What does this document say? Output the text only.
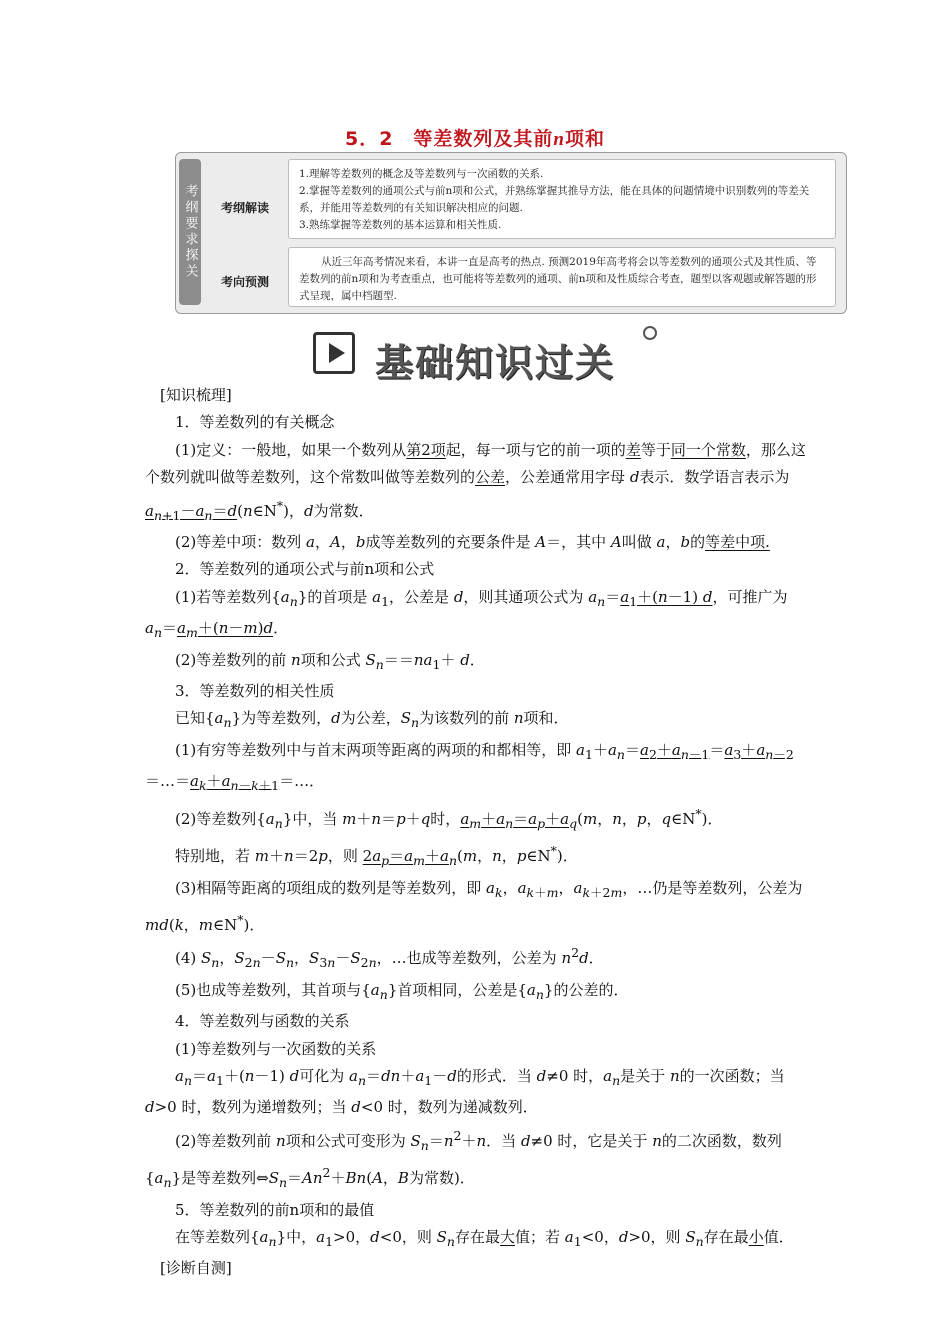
5．2　等差数列及其前n项和
考纲要求探关	考纲解读
1.理解等差数列的概念及等差数列与一次函数的关系.
2.掌握等差数列的通项公式与前n项和公式，并熟练掌握其推导方法，能在具体的问题情境中识别数列的等差关系，并能用等差数列的有关知识解决相应的问题.
3.熟练掌握等差数列的基本运算和相关性质.
考向预测
从近三年高考情况来看，本讲一直是高考的热点. 预测2019年高考将会以等差数列的通项公式及其性质、等差数列的前n项和为考查重点，也可能将等差数列的通项、前n项和及性质综合考查，题型以客观题或解答题的形式呈现，属中档题型.
基础知识过关

[知识梳理]

1．等差数列的有关概念

(1)定义：一般地，如果一个数列从第2项起，每一项与它的前一项的差等于同一个常数，那么这个数列就叫做等差数列，这个常数叫做等差数列的公差，公差通常用字母 d表示．数学语言表示为$a_{n+1}-a_n=d(n\in N^*)$，d为常数．

(2)等差中项：数列 a，A，b成等差数列的充要条件是 A＝，其中 A叫做 a，b的等差中项.

2．等差数列的通项公式与前n项和公式

(1)若等差数列$\{a_n\}$的首项是 $a_1$，公差是 d，则其通项公式为 $a_n=a_1+(n-1)$ d，可推广为 $a_n=a_m+(n-m)d$．

(2)等差数列的前 n项和公式 $S_n==na_1+ d$．

3．等差数列的相关性质

已知$\{a_n\}$为等差数列，d为公差，$S_n$为该数列的前 n项和．

(1)有穷等差数列中与首末两项等距离的两项的和都相等，即 $a_1+a_n=a_2+a_{n-1}=a_3+a_{n-2}=\dots=a_k+a_{n-k+1}=\dots$．

(2)等差数列$\{a_n\}$中，当 m＋n＝p＋q时，$a_m+a_n=a_p+a_q(m$，n，p，q∈N*)．

特别地，若 m＋n＝2p，则 $2a_p=a_m+a_n(m$，n，p∈N*)．

(3)相隔等距离的项组成的数列是等差数列，即 $a_k$，$a_{k+m}$，$a_{k+2m}$，…仍是等差数列，公差为 md(k，m∈N*)．

(4) $S_n$，$S_{2n}-S_n$，$S_{3n}-S_{2n}$，…也成等差数列，公差为 $n^2d$．

(5)也成等差数列，其首项与$\{a_n\}$首项相同，公差是$\{a_n\}$的公差的．

4．等差数列与函数的关系

(1)等差数列与一次函数的关系

$a_n=a_1+(n-1)$ d可化为 $a_n=dn+a_1-d$的形式．当 d≠0 时，$a_n$是关于 n的一次函数；当 d>0 时，数列为递增数列；当 d<0 时，数列为递减数列．

(2)等差数列前 n项和公式可变形为 $S_n=n^2+n$．当 d≠0 时，它是关于 n的二次函数，数列$\{a_n\}$是等差数列$\Leftrightarrow S_n=An^2+Bn(A$，B为常数)．

5．等差数列的前n项和的最值

在等差数列$\{a_n\}$中，$a_1>0$，d<0，则 $S_n$存在最大值；若 $a_1<0$，d>0，则 $S_n$存在最小值．

[诊断自测]
